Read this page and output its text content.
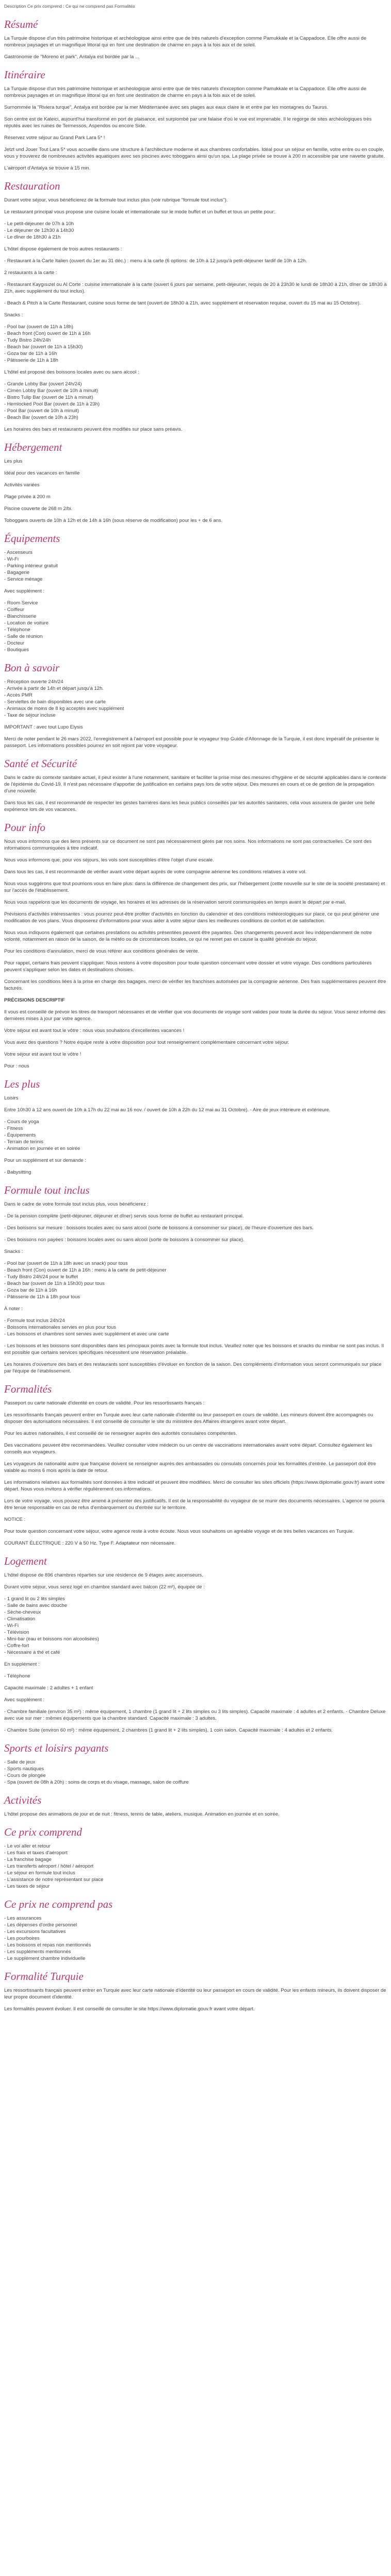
Description Ce prix comprend : Ce qui ne comprend pas Formalités

Résumé

La Turquie dispose d'un très patrimoine historique et archéologique ainsi entre que de très naturels d'exception comme Pamukkale et la Cappadoce. Elle offre aussi de nombreux paysages et un magnifique littoral qui en font une destination de charme en pays à la fois aux et de soleil.

Gastronomie de "Moreno et park", Antalya est bordée par la ...

Itinéraire

La Turquie dispose d'un très patrimoine historique et archéologique ainsi entre que de très naturels d'exception comme Pamukkale et la Cappadoce. Elle offre aussi de nombreux paysages et un magnifique littoral qui en font une destination de charme en pays à la fois aux et de soleil.

Surnommée la "Riviera turque", Antalya est bordée par la mer Méditerranée avec ses plages aux eaux claire le et entre par les montagnes du Taurus.

Son centre est de Kaleici, aujourd'hui transformé en port de plaisance, est surplombé par une falaise d'où le vue est imprenable. Il le regorge de sites archéologiques très réputés avec les ruines de Termessos, Aspendos ou encore Side.

Réservez votre séjour au Grand Park Lara 5* !

Jetzt und Jouer Tout Lara 5* vous accueille dans une structure à l'architecture moderne et aux chambres confortables. Idéal pour un séjour en famille, votre entre ou en couple, vous y trouverez de nombreuses activités aquatiques avec ses piscines avec toboggans ainsi qu'un spa. La plage privée se trouve à 200 m accessible par une navette gratuite.

L'aéroport d'Antalya se trouve à 15 min.

Restauration

Durant votre séjour, vous bénéficierez de la formule tout inclus plus (voir rubrique "formule tout inclus").

Le restaurant principal vous propose une cuisine locale et internationale sur le mode buffet et un buffet et tous un petite pour:

- Le petit-déjeuner de 07h à 10h
- Le déjeuner de 12h30 à 14h30
- Le dîner de 18h30 à 21h

L'hôtel dispose également de trois autres restaurants :

- Restaurant à la Carte Italien (ouvert du 1er au 31 déc.) : menu à la carte (6 options: de 10h à 12 jusqu'à petit-déjeuner tardif de 10h à 12h.

2 restaurants à la carte :

- Restaurant Kaygısızel ou Al Corte : cuisine internationale à la carte (ouvert 6 jours par semaine, petit-déjeuner, requis de 20 à 23h30 le lundi de 18h30 à 21h, dîner de 18h30 à 21h, avec supplément du tout inclus).

- Beach & Pitch à la Carte Restaurant, cuisine sous forme de tant (ouvert de 18h30 à 21h, avec supplément et réservation requise, ouvert du 15 mai au 15 Octobre).

Snacks :

- Pool bar (ouvert de 11h à 18h)
- Beach front (Con) ouvert de 11h à 16h
- Tudy Bistro 24h/24h
- Beach bar (ouvert de 11h à 15h30)
- Goza bar de 11h à 16h
- Pâtisserie de 11h à 18h

L'hôtel est proposé des boissons locales avec ou sans alcool :

- Grande Lobby Bar (ouvert 24h/24)
- Cimen Lobby Bar (ouvert de 10h à minuit)
- Bistro Tulip Bar (ouvert de 11h à minuit)
- Hemlocked Pool Bar (ouvert de 11h à 23h)
- Pool Bar (ouvert de 10h à minuit)
- Beach Bar (ouvert de 10h à 23h)

Les horaires des bars et restaurants peuvent être modifiés sur place sans préavis.

Hébergement

Les plus

Idéal pour des vacances en famille

Activités variées

Plage privée à 200 m

Piscine couverte de 268 m 2/bi.

Toboggans ouverts de 10h à 12h et de 14h à 16h (sous réserve de modification) pour les + de 6 ans.

Équipements
- Ascenseurs
- Wi-Fi
- Parking intérieur gratuit
- Bagagerie
- Service ménage

Avec supplément :

- Room Service
- Coiffeur
- Blanchisserie
- Location de voiture
- Téléphone
- Salle de réunion
- Docteur
- Boutiques
Bon à savoir
- Réception ouverte 24h/24
- Arrivée à partir de 14h et départ jusqu'à 12h.
- Accès PMR
- Serviettes de bain disponibles avec une carte
- Animaux de moins de 8 kg acceptés avec supplément
- Taxe de séjour incluse

IMPORTANT : avec tout Lupo Elysis

Merci de noter pendant le 26 mars 2022, l'enregistrement à l'aéroport est possible pour le voyageur trop Guide d'Allonnage de la Turquie, il est donc impératif de présenter le passeport. Les informations possibles pourrez en soit rejoint par votre voyageur.

Santé et Sécurité

Dans le cadre du contexte sanitaire actuel, il peut exister à l'une notamment, sanitaire et faciliter la prise mise des mesures d'hygiène et de sécurité applicables dans le contexte de l'épidémie du Covid-19. Il n'est pas nécessaire d'apporter de justification en certains pays lors de votre séjour. Des mesures en cours et ce de gestion de la propagation d'une nouvelle.

Dans tous les cas, il est recommandé de respecter les gestes barrières dans les lieux publics conseillés par les autorités sanitaires, cela vous assurera de garder une belle expérience lors de vos vacances.

Pour info

Nous vous informons que des liens présents sur ce document ne sont pas nécessairement gérés par nos soins. Nos informations ne sont pas contractuelles. Ce sont des informations communiquées à titre indicatif.

Nous vous informons que, pour vos séjours, les vols sont susceptibles d'être l'objet d'une escale.

Dans tous les cas, il est recommandé de vérifier avant votre départ auprès de votre compagnie aérienne les conditions relatives à votre vol.

Nous vous suggérons que tout pourrions vous en faire plus: dans la différence de changement des prix, sur l'hébergement (cette nouvelle sur le site de la société prestataire) et sur l'accès de l'établissement.

Nous vous rappelons que les documents de voyage, les horaires et les adresses de la réservation seront communiquées en temps avant le départ par e-mail.

Prévisions d'activités intéressantes : vous pourrez peut-être profiter d'activités en fonction du calendrier et des conditions météorologiques sur place, ce qui peut générer une modification de vos plans. Vous disposerez d'informations pour vous aider à votre séjour dans les meilleures conditions de confort et de satisfaction.

Nous vous indiquons également que certaines prestations ou activités présentées peuvent être payantes. Des changements peuvent avoir lieu indépendamment de notre volonté, notamment en raison de la saison, de la météo ou de circonstances locales, ce qui ne remet pas en cause la qualité générale du séjour.

Pour les conditions d'annulation, merci de vous référer aux conditions générales de vente.

Pour rappel, certains frais peuvent s'appliquer. Nous restons à votre disposition pour toute question concernant votre dossier et votre voyage. Des conditions particulières peuvent s'appliquer selon les dates et destinations choisies.

Concernant les conditions liées à la prise en charge des bagages, merci de vérifier les franchises autorisées par la compagnie aérienne. Des frais supplémentaires peuvent être facturés.

PRÉCISIONS DESCRIPTIF

Il vous est conseillé de prévoir les titres de transport nécessaires et de vérifier que vos documents de voyage sont valides pour toute la durée du séjour. Vous serez informé des dernières mises à jour par votre agence.

Votre séjour est avant tout le vôtre : nous vous souhaitons d'excellentes vacances !

Vous avez des questions ? Notre équipe reste à votre disposition pour tout renseignement complémentaire concernant votre séjour.

Votre séjour est avant tout le vôtre !

Pour : nous

Les plus

Loisirs

Entre 10h30 à 12 ans ouvert de 10h à 17h du 22 mai au 16 nov. / ouvert de 10h à 22h du 12 mai au 31 Octobre). - Aire de jeux intérieure et extérieure.

- Cours de yoga
- Fitness
- Équipements
- Terrain de tennis
- Animation en journée et en soirée

Pour un supplément et sur demande :

- Babysitting
Formule tout inclus

Dans le cadre de votre formule tout inclus plus, vous bénéficierez :

- De la pension complète (petit-déjeuner, déjeuner et dîner) servis sous forme de buffet au restaurant principal.

- Des boissons sur mesure : boissons locales avec ou sans alcool (sorte de boissons à consommer sur place), de l'heure d'ouverture des bars.

- Des boissons non payées : boissons locales avec ou sans alcool (sorte de boissons à consommer sur place).

Snacks :

- Pool bar (ouvert de 11h à 18h avec un snack) pour tous
- Beach front (Con) ouvert de 11h à 16h : menu à la carte de petit-déjeuner
- Tudy Bistro 24h/24 pour le buffet
- Beach bar (ouvert de 11h à 15h30) pour tous
- Goza bar de 11h à 16h
- Pâtisserie de 11h à 18h pour tous

À noter :

- Formule tout inclus 24h/24
- Boissons internationales servies en plus pour tous
- Les boissons et chambres sont servies avec supplément et avec une carte

- Les boissons et les boissons sont disponibles dans les principaux points avec la formule tout inclus. Veuillez noter que les boissons et snacks du minibar ne sont pas inclus. Il est possible que certains services spécifiques nécessitent une réservation préalable.

Les horaires d'ouverture des bars et des restaurants sont susceptibles d'évoluer en fonction de la saison. Des compléments d'information vous seront communiqués sur place par l'équipe de l'établissement.

Formalités

Passeport ou carte nationale d'identité en cours de validité. Pour les ressortissants français :

Les ressortissants français peuvent entrer en Turquie avec leur carte nationale d'identité ou leur passeport en cours de validité. Les mineurs doivent être accompagnés ou disposer des autorisations nécessaires. Il est conseillé de consulter le site du ministère des Affaires étrangères avant votre départ.

Pour les autres nationalités, il est conseillé de se renseigner auprès des autorités consulaires compétentes.

Des vaccinations peuvent être recommandées. Veuillez consulter votre médecin ou un centre de vaccinations internationales avant votre départ. Consultez également les conseils aux voyageurs.

Les voyageurs de nationalité autre que française doivent se renseigner auprès des ambassades ou consulats concernés pour les formalités d'entrée. Le passeport doit être valable au moins 6 mois après la date de retour.

Les informations relatives aux formalités sont données à titre indicatif et peuvent être modifiées. Merci de consulter les sites officiels (https://www.diplomatie.gouv.fr) avant votre départ. Nous vous invitons à vérifier régulièrement ces informations.

Lors de votre voyage, vous pouvez être amené à présenter des justificatifs. Il est de la responsabilité du voyageur de se munir des documents nécessaires. L'agence ne pourra être tenue responsable en cas de refus d'embarquement ou d'entrée sur le territoire.

NOTICE :

Pour toute question concernant votre séjour, votre agence reste à votre écoute. Nous vous souhaitons un agréable voyage et de très belles vacances en Turquie.

COURANT ÉLECTRIQUE : 220 V à 50 Hz. Type F. Adaptateur non nécessaire.

Logement

L'hôtel dispose de 896 chambres réparties sur une résidence de 9 étages avec ascenseurs.

Durant votre séjour, vous serez logé en chambre standard avec balcon (22 m²), équipée de :

- 1 grand lit ou 2 lits simples
- Salle de bains avec douche
- Sèche-cheveux
- Climatisation
- Wi-Fi
- Télévision
- Mini-bar (eau et boissons non alcoolisées)
- Coffre-fort
- Nécessaire à thé et café

En supplément :

- Téléphone

Capacité maximale : 2 adultes + 1 enfant

Avec supplément :

- Chambre familiale (environ 35 m²) : même équipement, 1 chambre (1 grand lit + 2 lits simples ou 3 lits simples). Capacité maximale : 4 adultes et 2 enfants. - Chambre Deluxe avec vue sur mer : mêmes équipements que la chambre standard. Capacité maximale : 3 adultes.

- Chambre Suite (environ 60 m²) : même équipement, 2 chambres (1 grand lit + 2 lits simples), 1 coin salon. Capacité maximale : 4 adultes et 2 enfants.

Sports et loisirs payants
- Salle de jeux
- Sports nautiques
- Cours de plongée
- Spa (ouvert de 08h à 20h) : soins de corps et du visage, massage, salon de coiffure
Activités

L'hôtel propose des animations de jour et de nuit : fitness, tennis de table, ateliers, musique. Animation en journée et en soirée.

Ce prix comprend
- Le vol aller et retour
- Les frais et taxes d'aéroport
- La franchise bagage
- Les transferts aéroport / hôtel / aéroport
- Le séjour en formule tout inclus
- L'assistance de notre représentant sur place
- Les taxes de séjour
Ce prix ne comprend pas
- Les assurances
- Les dépenses d'ordre personnel
- Les excursions facultatives
- Les pourboires
- Les boissons et repas non mentionnés
- Les suppléments mentionnés
- Le supplément chambre individuelle
Formalité Turquie

Les ressortissants français peuvent entrer en Turquie avec leur carte nationale d'identité ou leur passeport en cours de validité. Pour les enfants mineurs, ils doivent disposer de leur propre document d'identité.

Les formalités peuvent évoluer. Il est conseillé de consulter le site https://www.diplomatie.gouv.fr avant votre départ.
